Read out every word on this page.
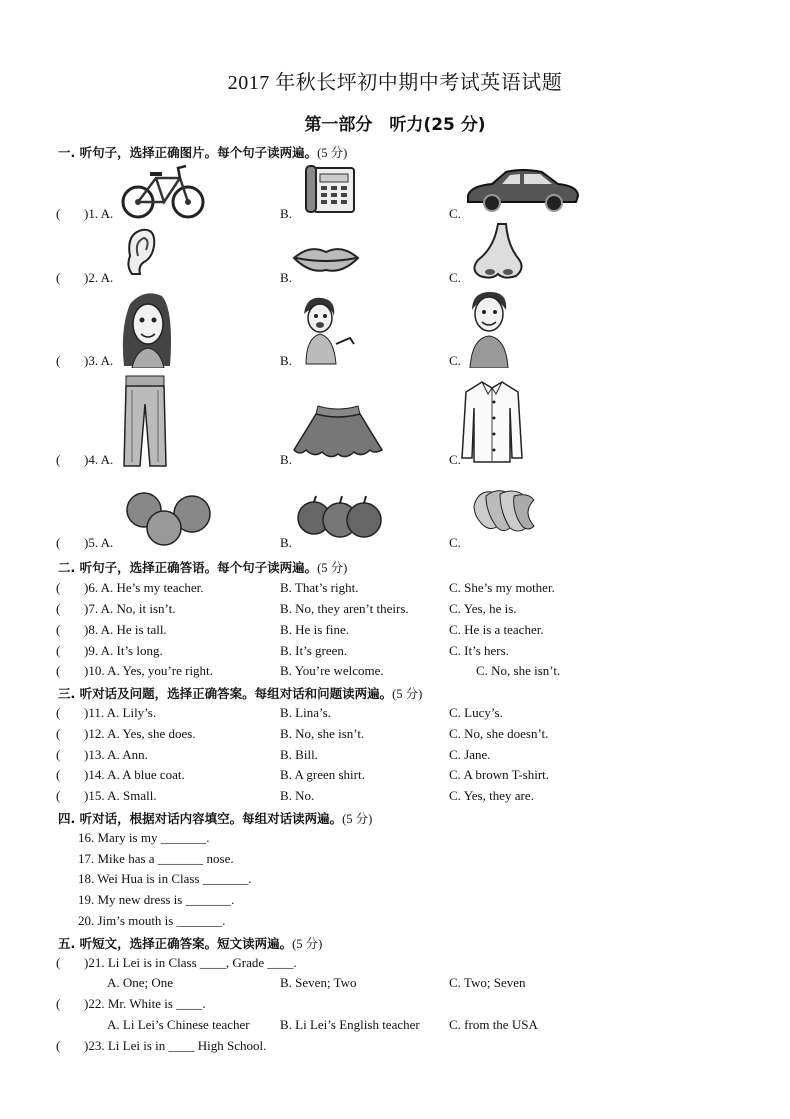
2017 年秋长坪初中期中考试英语试题
第一部分　听力(25 分)
一. 听句子，选择正确图片。每个句子读两遍。(5 分)
( )1. A.	B.	C.
( )2. A.	B.	C.
( )3. A.	B.	C.
( )4. A.	B.	C.
( )5. A.	B.	C.
二. 听句子，选择正确答语。每个句子读两遍。(5 分)
( )6. A. He’s my teacher.	B. That’s right.	C. She’s my mother.
( )7. A. No, it isn’t.	B. No, they aren’t theirs.	C. Yes, he is.
( )8. A. He is tall.	B. He is fine.	C. He is a teacher.
( )9. A. It’s long.	B. It’s green.	C. It’s hers.
( )10. A. Yes, you’re right.	B. You’re welcome.	C. No, she isn’t.
三. 听对话及问题，选择正确答案。每组对话和问题读两遍。(5 分)
( )11. A. Lily’s.	B. Lina’s.	C. Lucy’s.
( )12. A. Yes, she does.	B. No, she isn’t.	C. No, she doesn’t.
( )13. A. Ann.	B. Bill.	C. Jane.
( )14. A. A blue coat.	B. A green shirt.	C. A brown T-shirt.
( )15. A. Small.	B. No.	C. Yes, they are.
四. 听对话，根据对话内容填空。每组对话读两遍。(5 分)
16. Mary is my _______.
17. Mike has a _______ nose.
18. Wei Hua is in Class _______.
19. My new dress is _______.
20. Jim’s mouth is _______.
五. 听短文，选择正确答案。短文读两遍。(5 分)
( )21. Li Lei is in Class ____, Grade ____.
A. One; One	B. Seven; Two	C. Two; Seven
( )22. Mr. White is ____.
A. Li Lei’s Chinese teacher B. Li Lei’s English teacher C. from the USA
( )23. Li Lei is in ____ High School.
